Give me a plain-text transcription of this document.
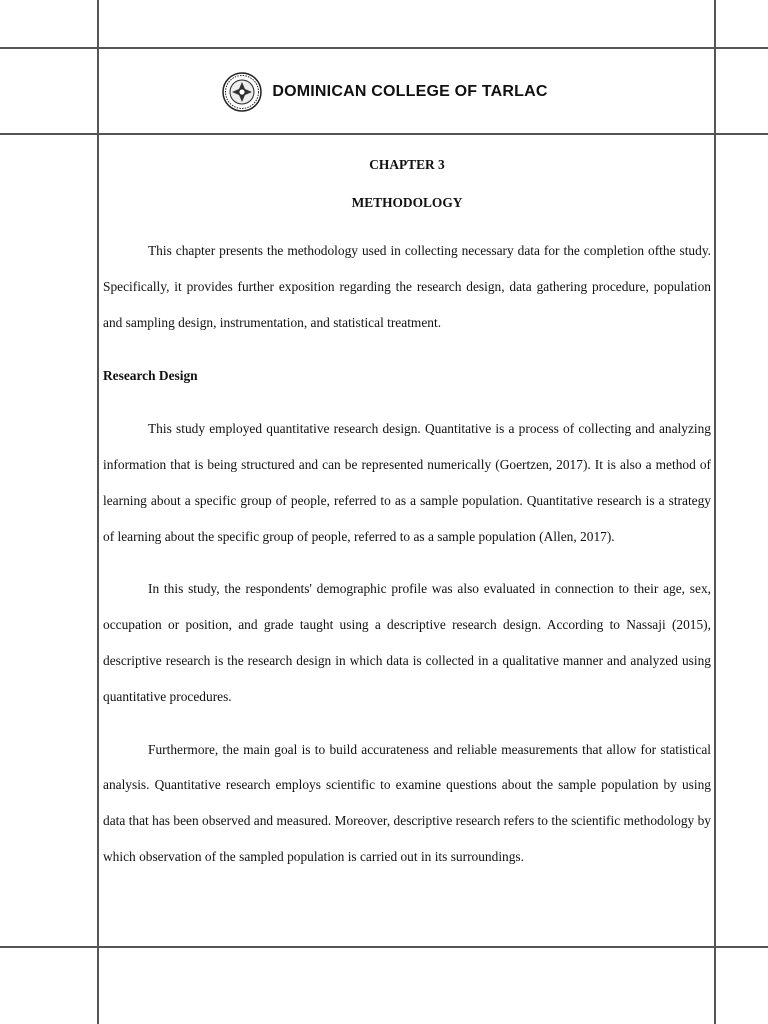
DOMINICAN COLLEGE OF TARLAC

CHAPTER 3

METHODOLOGY

This chapter presents the methodology used in collecting necessary data for the completion ofthe study. Specifically, it provides further exposition regarding the research design, data gathering procedure, population and sampling design, instrumentation, and statistical treatment.

Research Design

This study employed quantitative research design. Quantitative is a process of collecting and analyzing information that is being structured and can be represented numerically (Goertzen, 2017). It is also a method of learning about a specific group of people, referred to as a sample population. Quantitative research is a strategy of learning about the specific group of people, referred to as a sample population (Allen, 2017).

In this study, the respondents' demographic profile was also evaluated in connection to their age, sex, occupation or position, and grade taught using a descriptive research design. According to Nassaji (2015), descriptive research is the research design in which data is collected in a qualitative manner and analyzed using quantitative procedures.

Furthermore, the main goal is to build accurateness and reliable measurements that allow for statistical analysis. Quantitative research employs scientific to examine questions about the sample population by using data that has been observed and measured. Moreover, descriptive research refers to the scientific methodology by which observation of the sampled population is carried out in its surroundings.
